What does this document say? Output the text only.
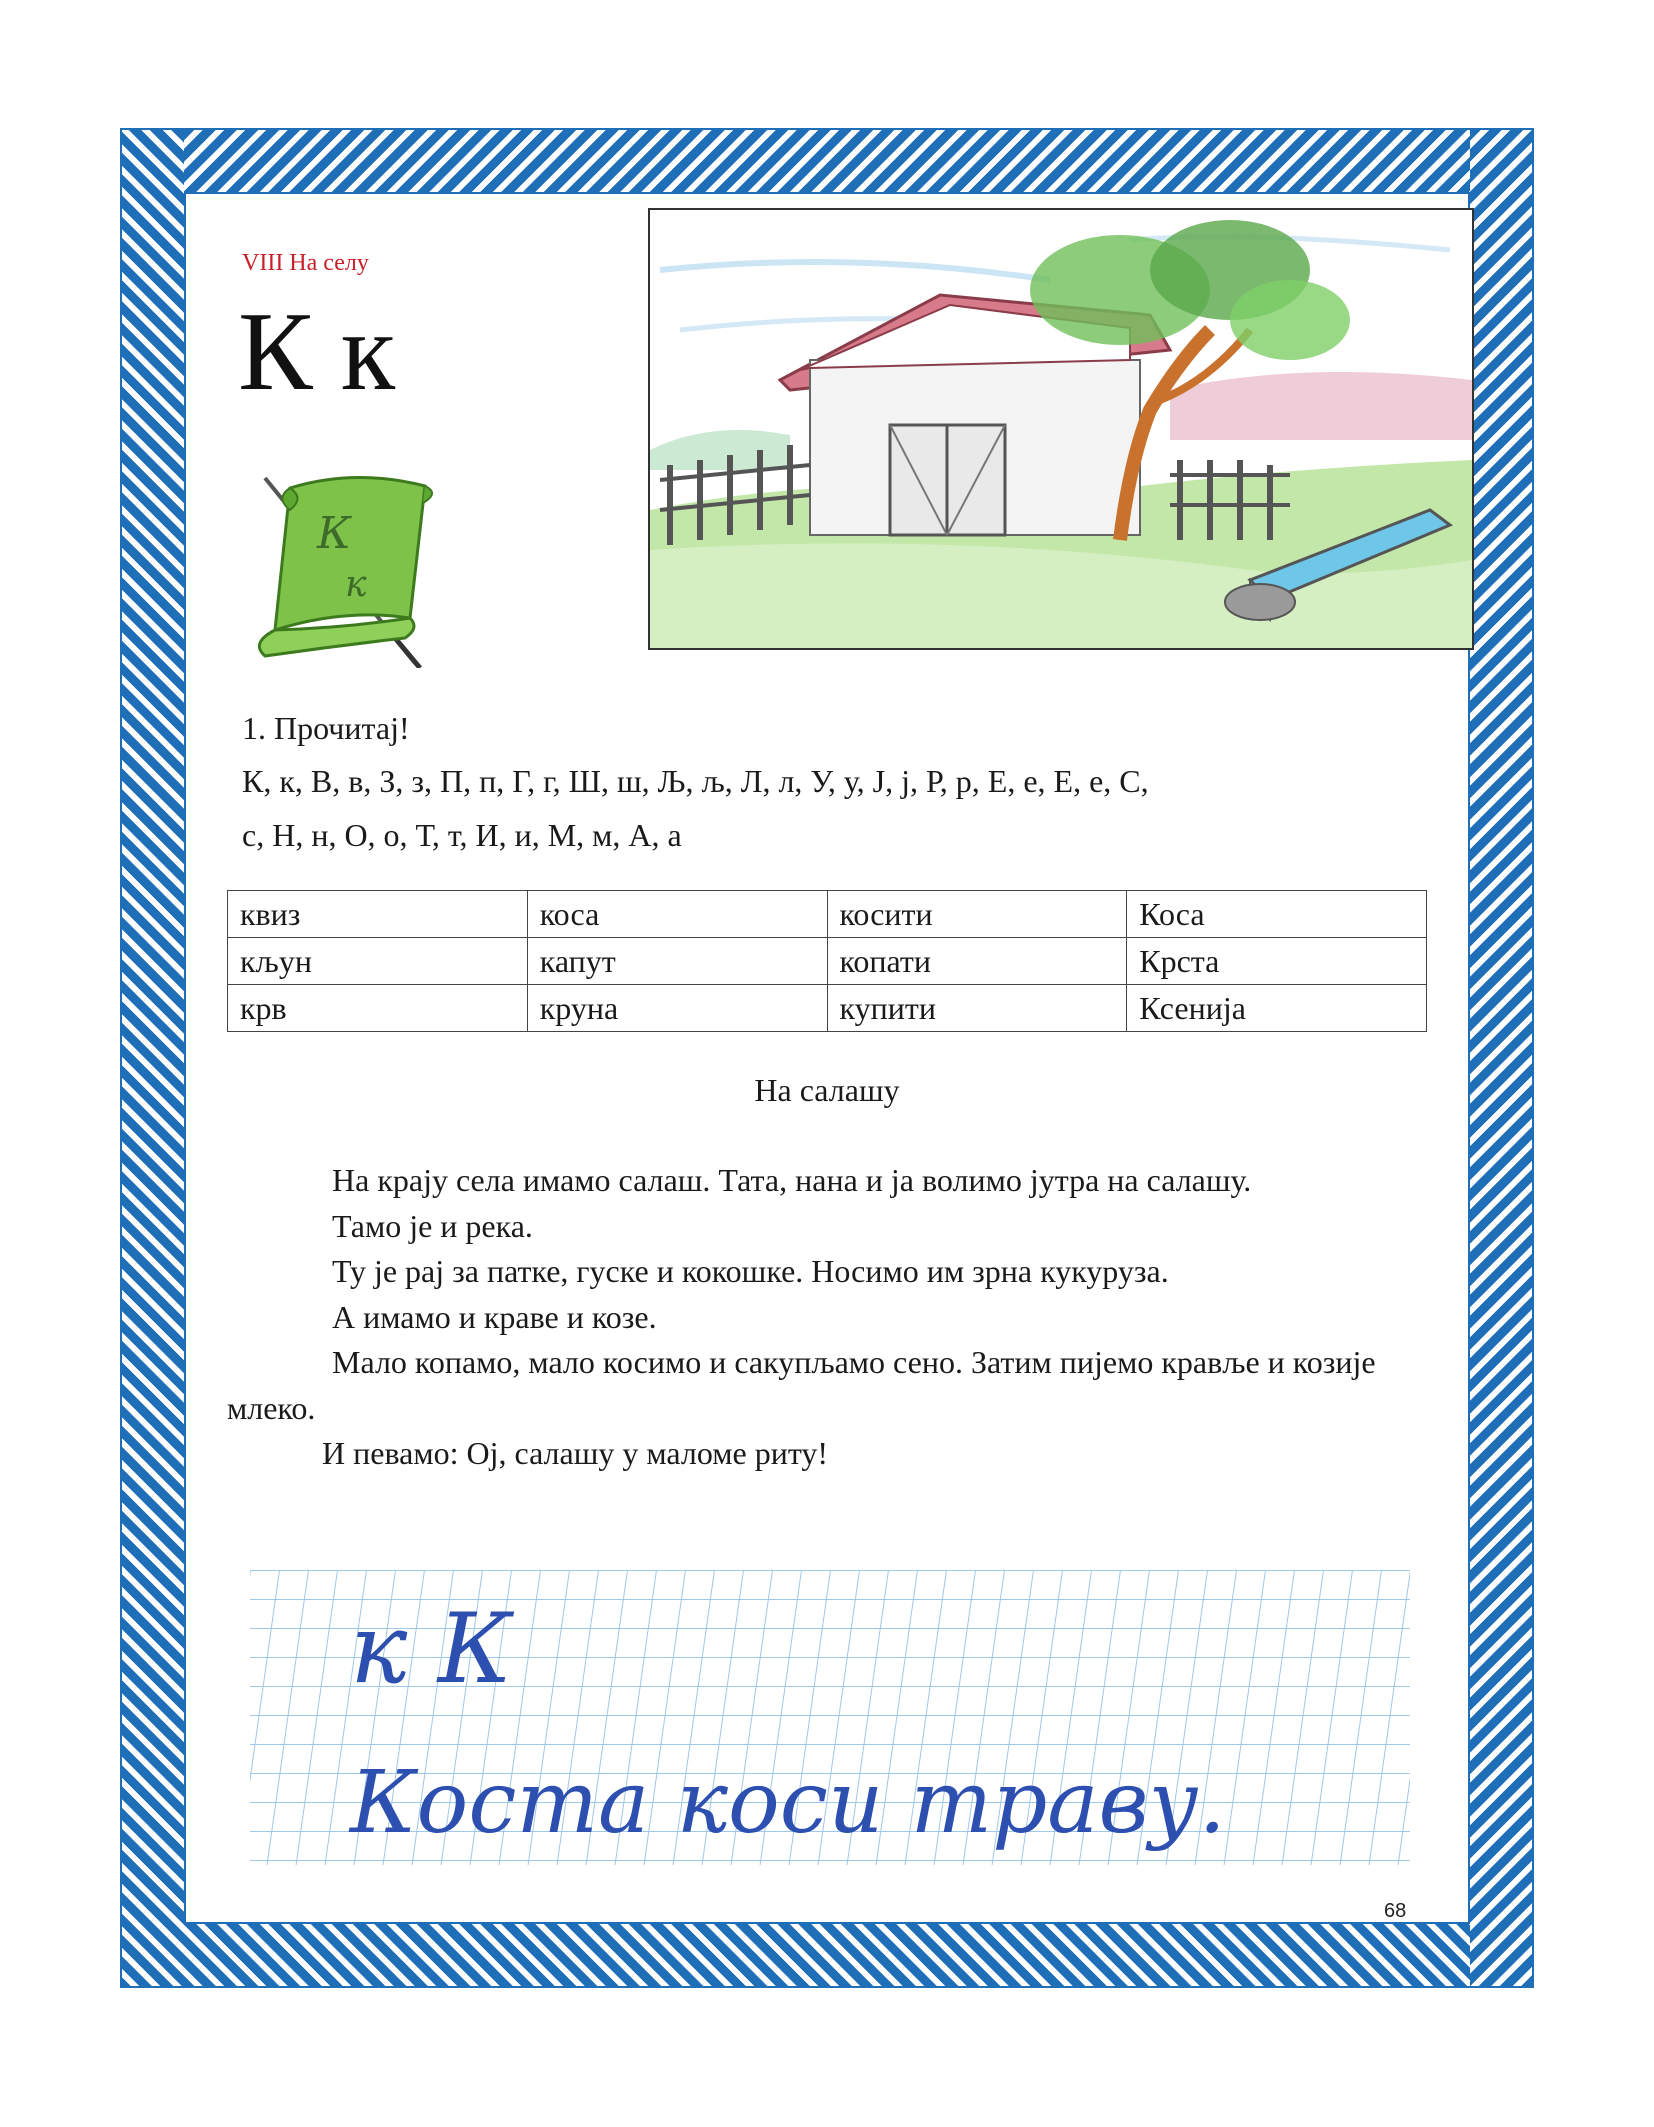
VIII На селу
К к
К
к
1. Прочитај!
К, к, В, в, З, з, П, п, Г, г, Ш, ш, Љ, љ, Л, л, У, у, Ј, ј, Р, р, Е, е, Е, е, С,
с, Н, н, О, о, Т, т, И, и, М, м, А, а
квиз	коса	косити	Коса
кљун	капут	копати	Крста
крв	круна	купити	Ксенија
На салашу

На крају села имамо салаш. Тата, нана и ја волимо јутра на салашу.

Тамо је и река.

Ту је рај за патке, гуске и кокошке. Носимо им зрна кукуруза.

А имамо и краве и козе.

Мало копамо, мало косимо и сакупљамо сено. Затим пијемо крављe и козије млеко.

И певамо: Ој, салашу у маломе риту!

к К
Коста коси траву.
68
